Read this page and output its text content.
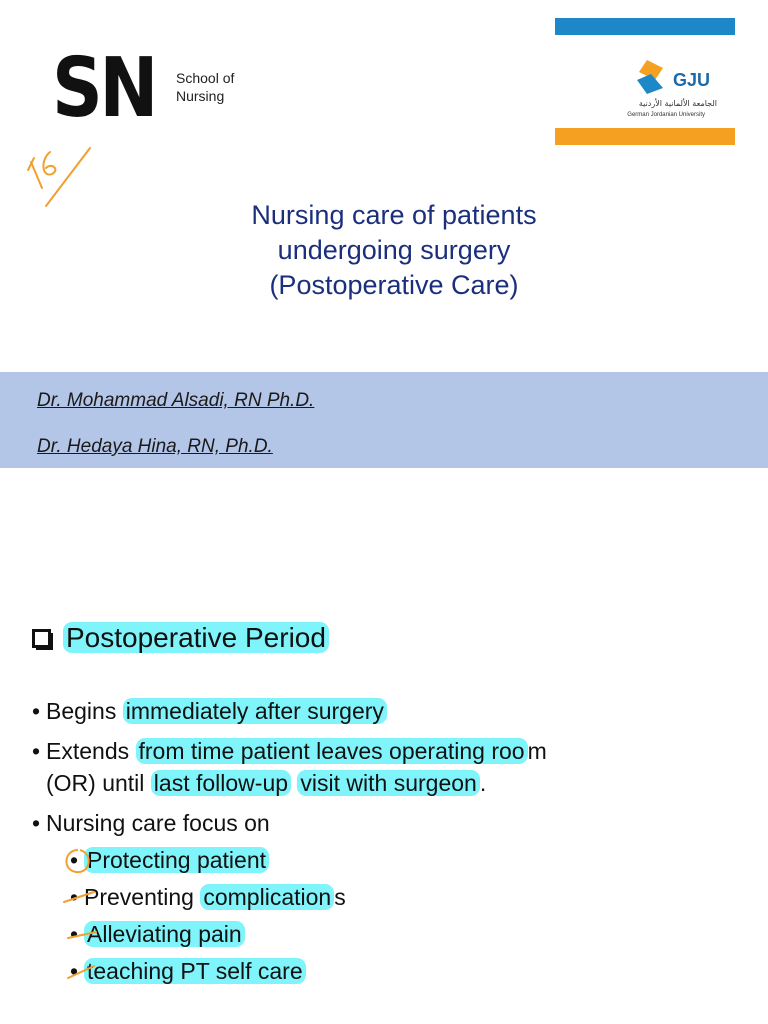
SN School of
Nursing
GJU
الجامعة الألمانية الأردنية
German Jordanian University
Nursing care of patients
undergoing surgery
(Postoperative Care)
Dr. Mohammad Alsadi, RN Ph.D.
Dr. Hedaya Hina, RN, Ph.D.
Postoperative Period
• Begins immediately after surgery
• Extends from time patient leaves operating roo m
(OR) until last follow-up visit with surgeon .
• Nursing care focus on
• Protecting patient
• Preventing complication s
• Alleviating pain
• teaching PT self care
